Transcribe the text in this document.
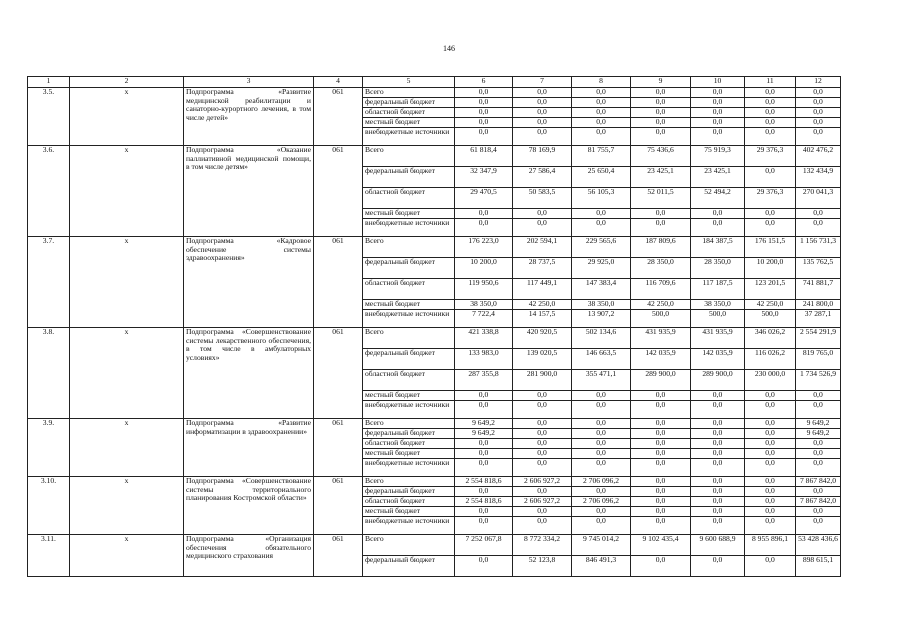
146
1	2	3	4	5	6	7	8	9	10	11	12
3.5.	х	Подпрограмма «Развитие медицинской реабилитации и санаторно-курортного лечения, в том числе детей»	061	Всего	0,0	0,0	0,0	0,0	0,0	0,0	0,0
				федеральный бюджет	0,0	0,0	0,0	0,0	0,0	0,0	0,0
				областной бюджет	0,0	0,0	0,0	0,0	0,0	0,0	0,0
				местный бюджет	0,0	0,0	0,0	0,0	0,0	0,0	0,0
				внебюджетные источники	0,0	0,0	0,0	0,0	0,0	0,0	0,0
3.6.	х	Подпрограмма «Оказание паллиативной медицинской помощи, в том числе детям»	061	Всего	61 818,4	78 169,9	81 755,7	75 436,6	75 919,3	29 376,3	402 476,2
				федеральный бюджет	32 347,9	27 586,4	25 650,4	23 425,1	23 425,1	0,0	132 434,9
				областной бюджет	29 470,5	50 583,5	56 105,3	52 011,5	52 494,2	29 376,3	270 041,3
				местный бюджет	0,0	0,0	0,0	0,0	0,0	0,0	0,0
				внебюджетные источники	0,0	0,0	0,0	0,0	0,0	0,0	0,0
3.7.	х	Подпрограмма «Кадровое обеспечение системы здравоохранения»	061	Всего	176 223,0	202 594,1	229 565,6	187 809,6	184 387,5	176 151,5	1 156 731,3
				федеральный бюджет	10 200,0	28 737,5	29 925,0	28 350,0	28 350,0	10 200,0	135 762,5
				областной бюджет	119 950,6	117 449,1	147 383,4	116 709,6	117 187,5	123 201,5	741 881,7
				местный бюджет	38 350,0	42 250,0	38 350,0	42 250,0	38 350,0	42 250,0	241 800,0
				внебюджетные источники	7 722,4	14 157,5	13 907,2	500,0	500,0	500,0	37 287,1
3.8.	х	Подпрограмма «Совершенствование системы лекарственного обеспечения, в том числе в амбулаторных условиях»	061	Всего	421 338,8	420 920,5	502 134,6	431 935,9	431 935,9	346 026,2	2 554 291,9
				федеральный бюджет	133 983,0	139 020,5	146 663,5	142 035,9	142 035,9	116 026,2	819 765,0
				областной бюджет	287 355,8	281 900,0	355 471,1	289 900,0	289 900,0	230 000,0	1 734 526,9
				местный бюджет	0,0	0,0	0,0	0,0	0,0	0,0	0,0
				внебюджетные источники	0,0	0,0	0,0	0,0	0,0	0,0	0,0
3.9.	х	Подпрограмма «Развитие информатизации в здравоохранении»	061	Всего	9 649,2	0,0	0,0	0,0	0,0	0,0	9 649,2
				федеральный бюджет	9 649,2	0,0	0,0	0,0	0,0	0,0	9 649,2
				областной бюджет	0,0	0,0	0,0	0,0	0,0	0,0	0,0
				местный бюджет	0,0	0,0	0,0	0,0	0,0	0,0	0,0
				внебюджетные источники	0,0	0,0	0,0	0,0	0,0	0,0	0,0
3.10.	х	Подпрограмма «Совершенствование системы территориального планирования Костромской области»	061	Всего	2 554 818,6	2 606 927,2	2 706 096,2	0,0	0,0	0,0	7 867 842,0
				федеральный бюджет	0,0	0,0	0,0	0,0	0,0	0,0	0,0
				областной бюджет	2 554 818,6	2 606 927,2	2 706 096,2	0,0	0,0	0,0	7 867 842,0
				местный бюджет	0,0	0,0	0,0	0,0	0,0	0,0	0,0
				внебюджетные источники	0,0	0,0	0,0	0,0	0,0	0,0	0,0
3.11.	х	Подпрограмма «Организация обеспечения обязательного медицинского страхования	061	Всего	7 252 067,8	8 772 334,2	9 745 014,2	9 102 435,4	9 600 688,9	8 955 896,1	53 428 436,6
				федеральный бюджет	0,0	52 123,8	846 491,3	0,0	0,0	0,0	898 615,1
